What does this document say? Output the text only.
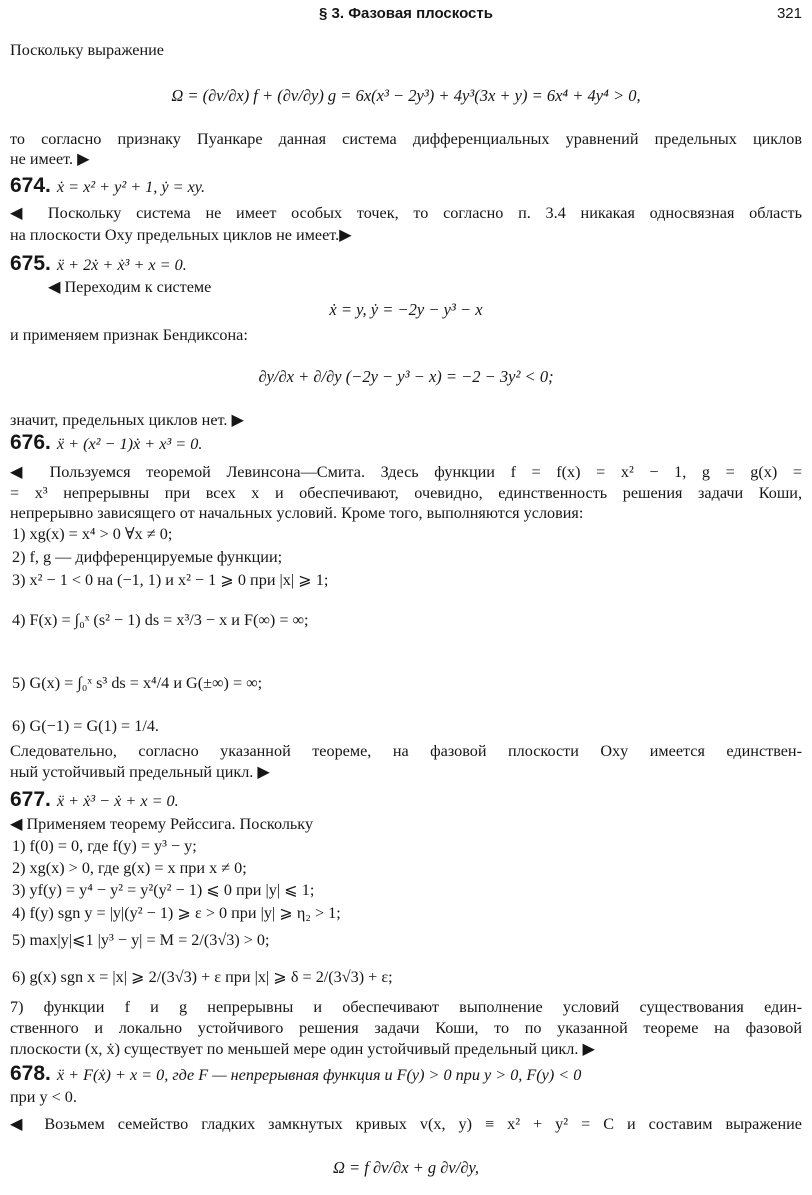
§ 3. Фазовая плоскость	321
Поскольку выражение
Ω = (∂v/∂x) f + (∂v/∂y) g = 6x(x³ − 2y³) + 4y³(3x + y) = 6x⁴ + 4y⁴ > 0,
то согласно признаку Пуанкаре данная система дифференциальных уравнений предельных циклов
не имеет. ▶
674. ẋ = x² + y² + 1, ẏ = xy.
◀ Поскольку система не имеет особых точек, то согласно п. 3.4 никакая односвязная область
на плоскости Oxy предельных циклов не имеет.▶
675. ẍ + 2ẋ + ẋ³ + x = 0.
◀ Переходим к системе
ẋ = y, ẏ = −2y − y³ − x
и применяем признак Бендиксона:
∂y/∂x + ∂/∂y (−2y − y³ − x) = −2 − 3y² < 0;
значит, предельных циклов нет. ▶
676. ẍ + (x² − 1)ẋ + x³ = 0.
◀ Пользуемся теоремой Левинсона—Смита. Здесь функции f = f(x) = x² − 1, g = g(x) =
= x³ непрерывны при всех x и обеспечивают, очевидно, единственность решения задачи Коши,
непрерывно зависящего от начальных условий. Кроме того, выполняются условия:
1) xg(x) = x⁴ > 0 ∀x ≠ 0;
2) f, g — дифференцируемые функции;
3) x² − 1 < 0 на (−1, 1) и x² − 1 ⩾ 0 при |x| ⩾ 1;
4) F(x) = ∫₀ˣ (s² − 1) ds = x³/3 − x и F(∞) = ∞;
5) G(x) = ∫₀ˣ s³ ds = x⁴/4 и G(±∞) = ∞;
6) G(−1) = G(1) = 1/4.
Следовательно, согласно указанной теореме, на фазовой плоскости Oxy имеется единствен-
ный устойчивый предельный цикл. ▶
677. ẍ + ẋ³ − ẋ + x = 0.
◀ Применяем теорему Рейссига. Поскольку
1) f(0) = 0, где f(y) = y³ − y;
2) xg(x) > 0, где g(x) = x при x ≠ 0;
3) yf(y) = y⁴ − y² = y²(y² − 1) ⩽ 0 при |y| ⩽ 1;
4) f(y) sgn y = |y|(y² − 1) ⩾ ε > 0 при |y| ⩾ η₂ > 1;
5) max|y|⩽1 |y³ − y| = M = 2/(3√3) > 0;
6) g(x) sgn x = |x| ⩾ 2/(3√3) + ε при |x| ⩾ δ = 2/(3√3) + ε;
7) функции f и g непрерывны и обеспечивают выполнение условий существования един-
ственного и локально устойчивого решения задачи Коши, то по указанной теореме на фазовой
плоскости (x, ẋ) существует по меньшей мере один устойчивый предельный цикл. ▶
678. ẍ + F(ẋ) + x = 0, где F — непрерывная функция и F(y) > 0 при y > 0, F(y) < 0
при y < 0.
◀ Возьмем семейство гладких замкнутых кривых v(x, y) ≡ x² + y² = C и составим выражение
Ω = f ∂v/∂x + g ∂v/∂y,
